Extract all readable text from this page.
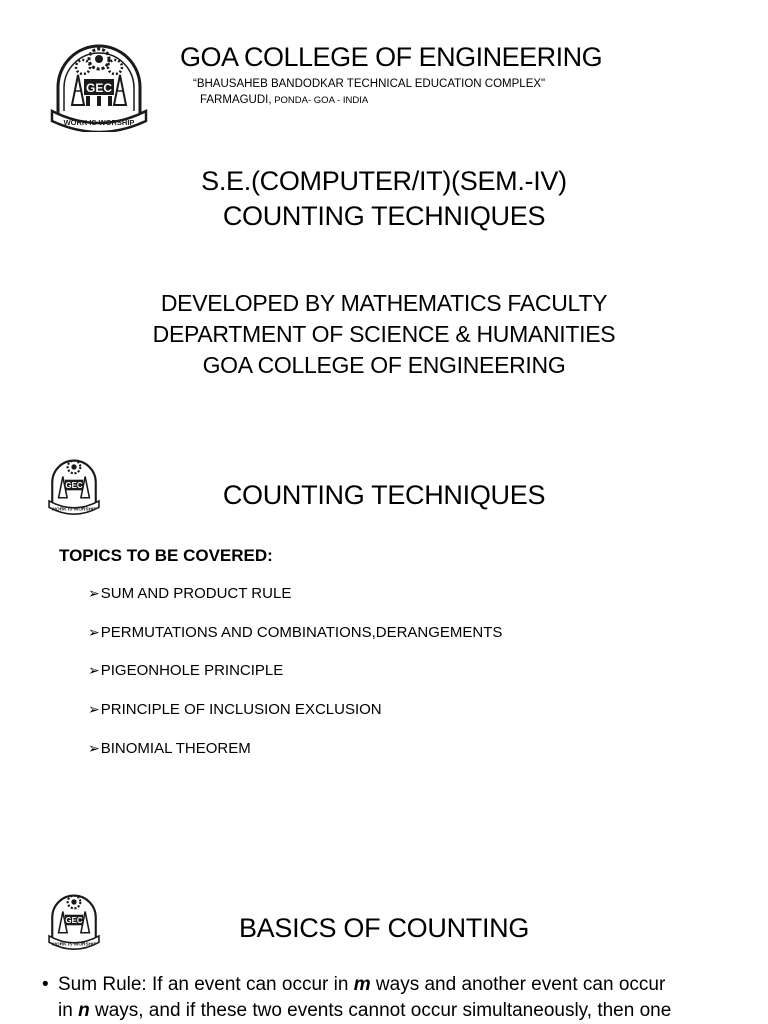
GEC
WORK IS WORSHIP
GOA COLLEGE OF ENGINEERING
“BHAUSAHEB BANDODKAR TECHNICAL EDUCATION COMPLEX"
FARMAGUDI, PONDA- GOA - INDIA
S.E.(COMPUTER/IT)(SEM.-IV)
COUNTING TECHNIQUES
DEVELOPED BY MATHEMATICS FACULTY
DEPARTMENT OF SCIENCE & HUMANITIES
GOA COLLEGE OF ENGINEERING
GEC
WORK IS WORSHIP	COUNTING TECHNIQUES
TOPICS TO BE COVERED:
➢SUM AND PRODUCT RULE
➢PERMUTATIONS AND COMBINATIONS,DERANGEMENTS
➢PIGEONHOLE PRINCIPLE
➢PRINCIPLE OF INCLUSION EXCLUSION
➢BINOMIAL THEOREM
GEC
WORK IS WORSHIP
BASICS OF COUNTING
• Sum Rule: If an event can occur in m ways and another event can occur
in n ways, and if these two events cannot occur simultaneously, then one
